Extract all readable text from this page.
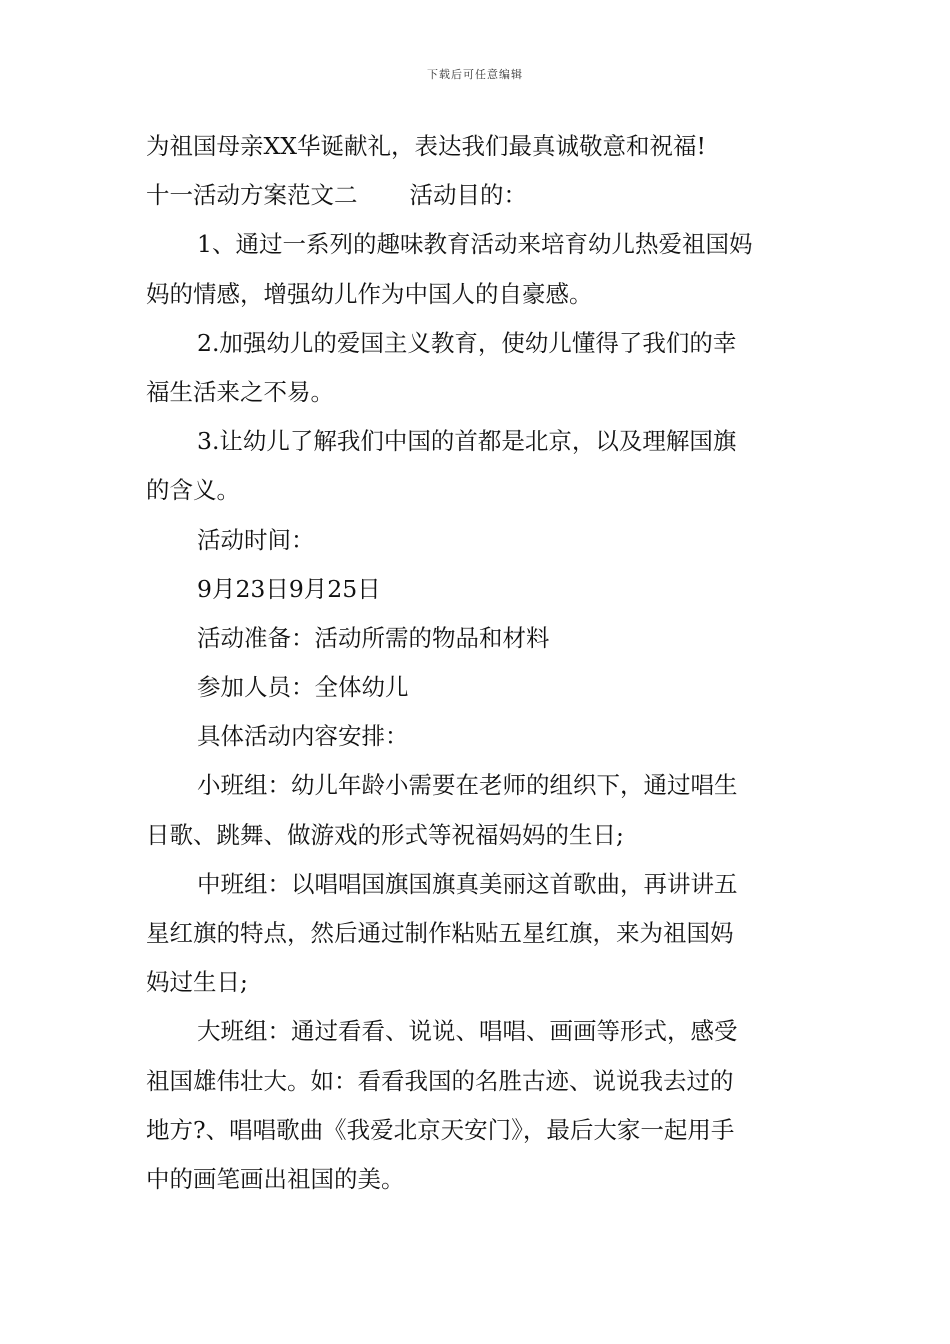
下载后可任意编辑
为祖国母亲XX华诞献礼，表达我们最真诚敬意和祝福!
十一活动方案范文二 活动目的：
1、通过一系列的趣味教育活动来培育幼儿热爱祖国妈
妈的情感，增强幼儿作为中国人的自豪感。
2.加强幼儿的爱国主义教育，使幼儿懂得了我们的幸
福生活来之不易。
3.让幼儿了解我们中国的首都是北京，以及理解国旗
的含义。
活动时间：
9月23日9月25日
活动准备：活动所需的物品和材料
参加人员：全体幼儿
具体活动内容安排：
小班组：幼儿年龄小需要在老师的组织下，通过唱生
日歌、跳舞、做游戏的形式等祝福妈妈的生日;
中班组：以唱唱国旗国旗真美丽这首歌曲，再讲讲五
星红旗的特点，然后通过制作粘贴五星红旗，来为祖国妈
妈过生日;
大班组：通过看看、说说、唱唱、画画等形式，感受
祖国雄伟壮大。如：看看我国的名胜古迹、说说我去过的
地方?、唱唱歌曲《我爱北京天安门》，最后大家一起用手
中的画笔画出祖国的美。
